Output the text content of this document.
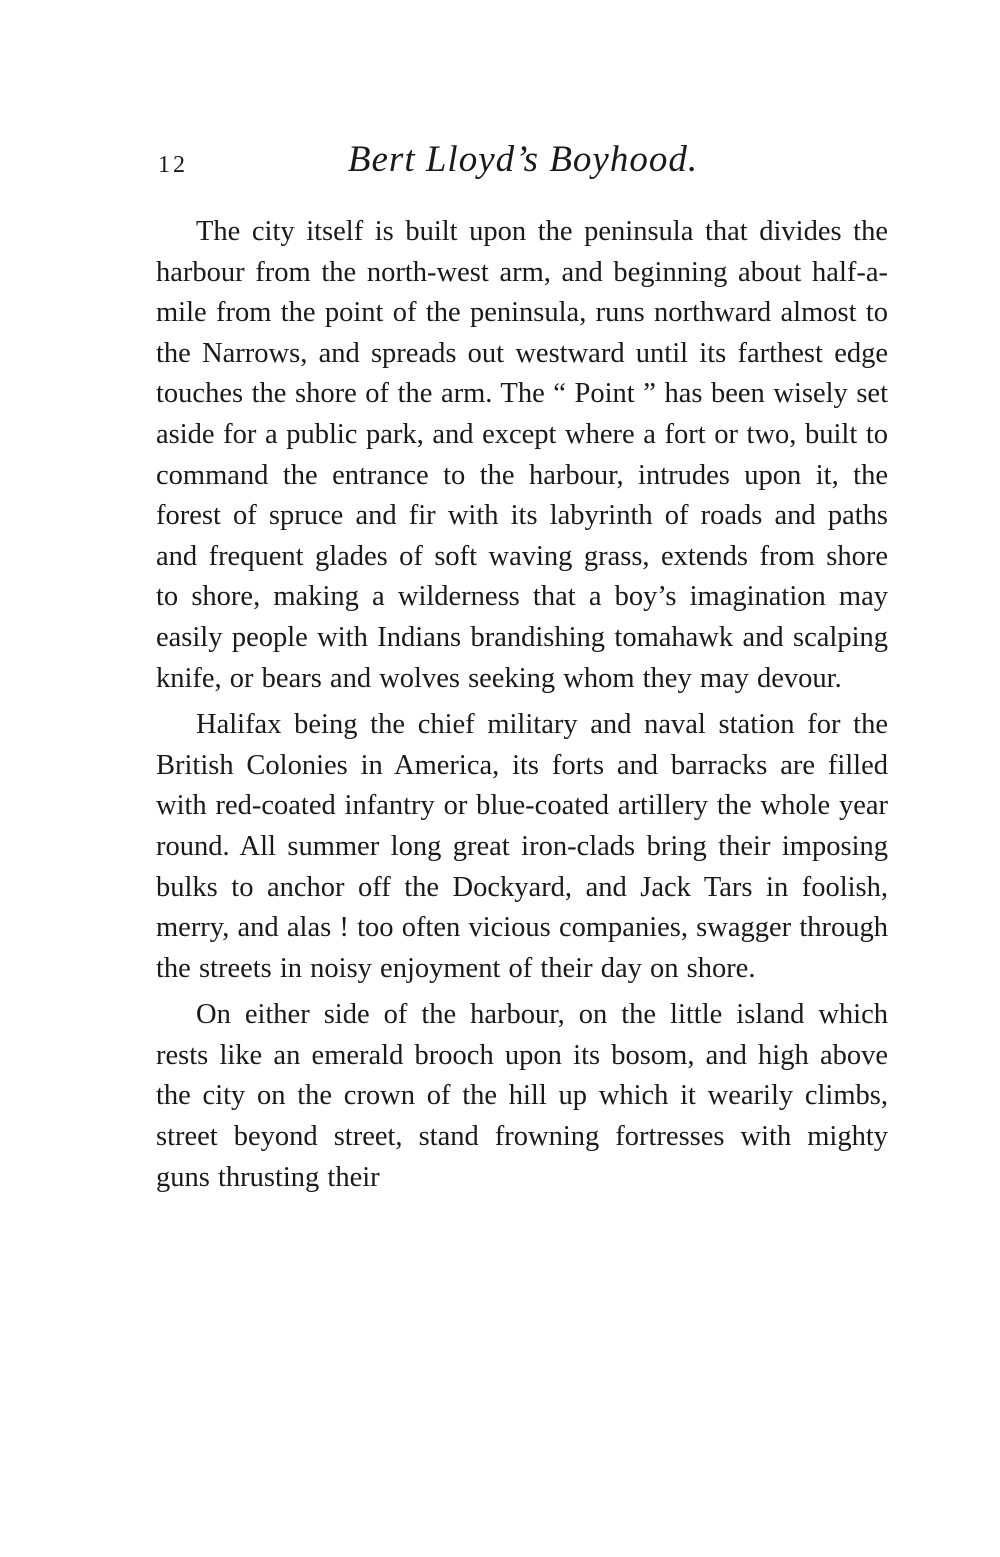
12	Bert Lloyd’s Boyhood.

The city itself is built upon the peninsula that divides the harbour from the north-west arm, and beginning about half-a-mile from the point of the peninsula, runs northward almost to the Narrows, and spreads out westward until its farthest edge touches the shore of the arm. The “ Point ” has been wisely set aside for a public park, and except where a fort or two, built to command the entrance to the harbour, intrudes upon it, the forest of spruce and fir with its labyrinth of roads and paths and frequent glades of soft waving grass, extends from shore to shore, making a wilderness that a boy’s imagination may easily people with Indians brandishing tomahawk and scalping knife, or bears and wolves seeking whom they may devour.

Halifax being the chief military and naval station for the British Colonies in America, its forts and barracks are filled with red-coated infantry or blue-coated artillery the whole year round. All summer long great iron-clads bring their imposing bulks to anchor off the Dockyard, and Jack Tars in foolish, merry, and alas ! too often vicious companies, swagger through the streets in noisy enjoyment of their day on shore.

On either side of the harbour, on the little island which rests like an emerald brooch upon its bosom, and high above the city on the crown of the hill up which it wearily climbs, street beyond street, stand frowning fortresses with mighty guns thrusting their
